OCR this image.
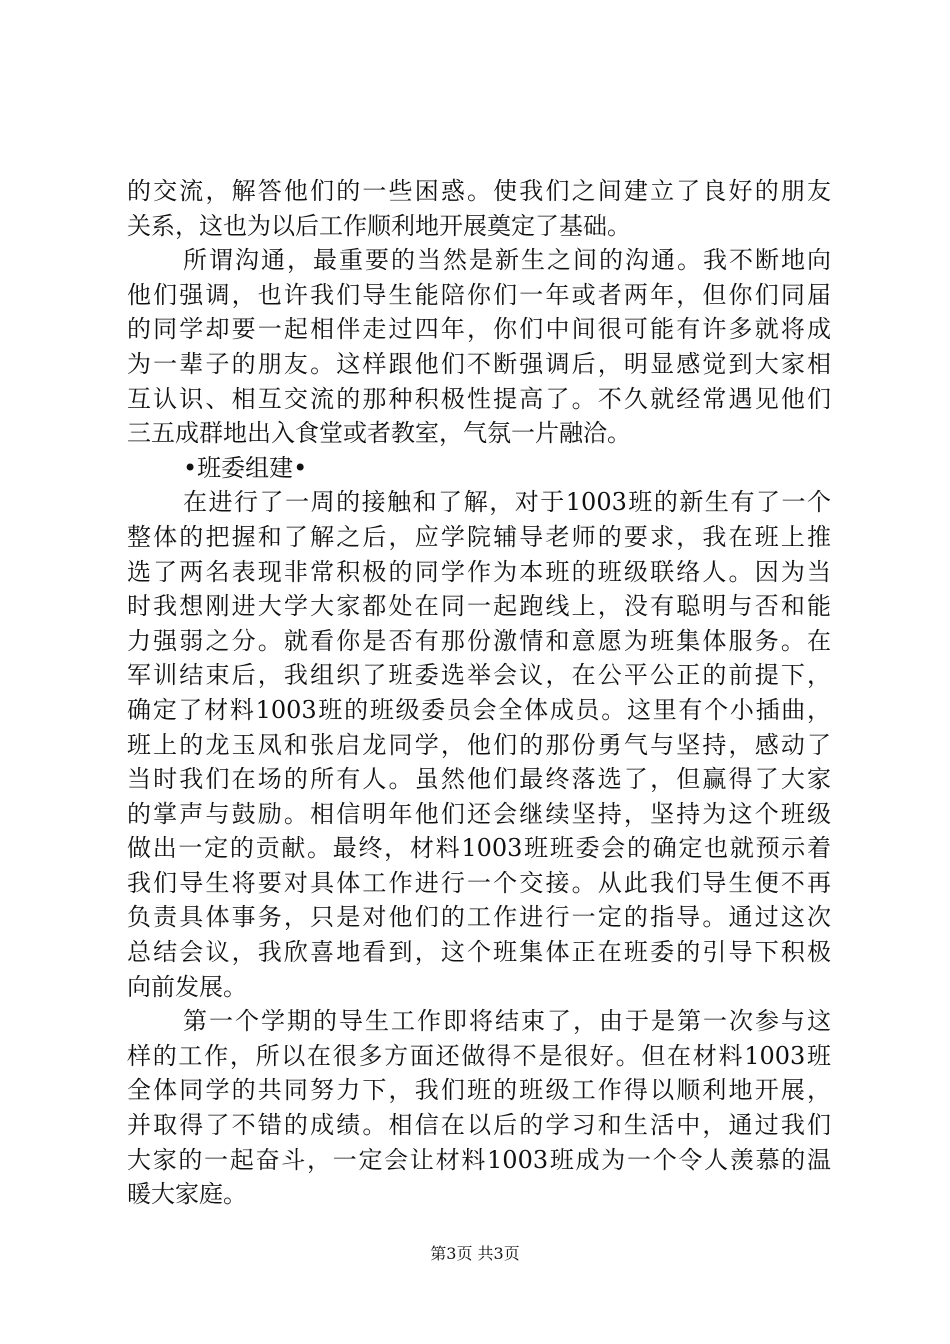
的交流，解答他们的一些困惑。使我们之间建立了良好的朋友
关系，这也为以后工作顺利地开展奠定了基础。
所谓沟通，最重要的当然是新生之间的沟通。我不断地向
他们强调，也许我们导生能陪你们一年或者两年，但你们同届
的同学却要一起相伴走过四年，你们中间很可能有许多就将成
为一辈子的朋友。这样跟他们不断强调后，明显感觉到大家相
互认识、相互交流的那种积极性提高了。不久就经常遇见他们
三五成群地出入食堂或者教室，气氛一片融洽。
•班委组建•
在进行了一周的接触和了解，对于1003班的新生有了一个
整体的把握和了解之后，应学院辅导老师的要求，我在班上推
选了两名表现非常积极的同学作为本班的班级联络人。因为当
时我想刚进大学大家都处在同一起跑线上，没有聪明与否和能
力强弱之分。就看你是否有那份激情和意愿为班集体服务。在
军训结束后，我组织了班委选举会议，在公平公正的前提下，
确定了材料1003班的班级委员会全体成员。这里有个小插曲，
班上的龙玉凤和张启龙同学，他们的那份勇气与坚持，感动了
当时我们在场的所有人。虽然他们最终落选了，但赢得了大家
的掌声与鼓励。相信明年他们还会继续坚持，坚持为这个班级
做出一定的贡献。最终，材料1003班班委会的确定也就预示着
我们导生将要对具体工作进行一个交接。从此我们导生便不再
负责具体事务，只是对他们的工作进行一定的指导。通过这次
总结会议，我欣喜地看到，这个班集体正在班委的引导下积极
向前发展。
第一个学期的导生工作即将结束了，由于是第一次参与这
样的工作，所以在很多方面还做得不是很好。但在材料1003班
全体同学的共同努力下，我们班的班级工作得以顺利地开展，
并取得了不错的成绩。相信在以后的学习和生活中，通过我们
大家的一起奋斗，一定会让材料1003班成为一个令人羡慕的温
暖大家庭。
第3页 共3页
